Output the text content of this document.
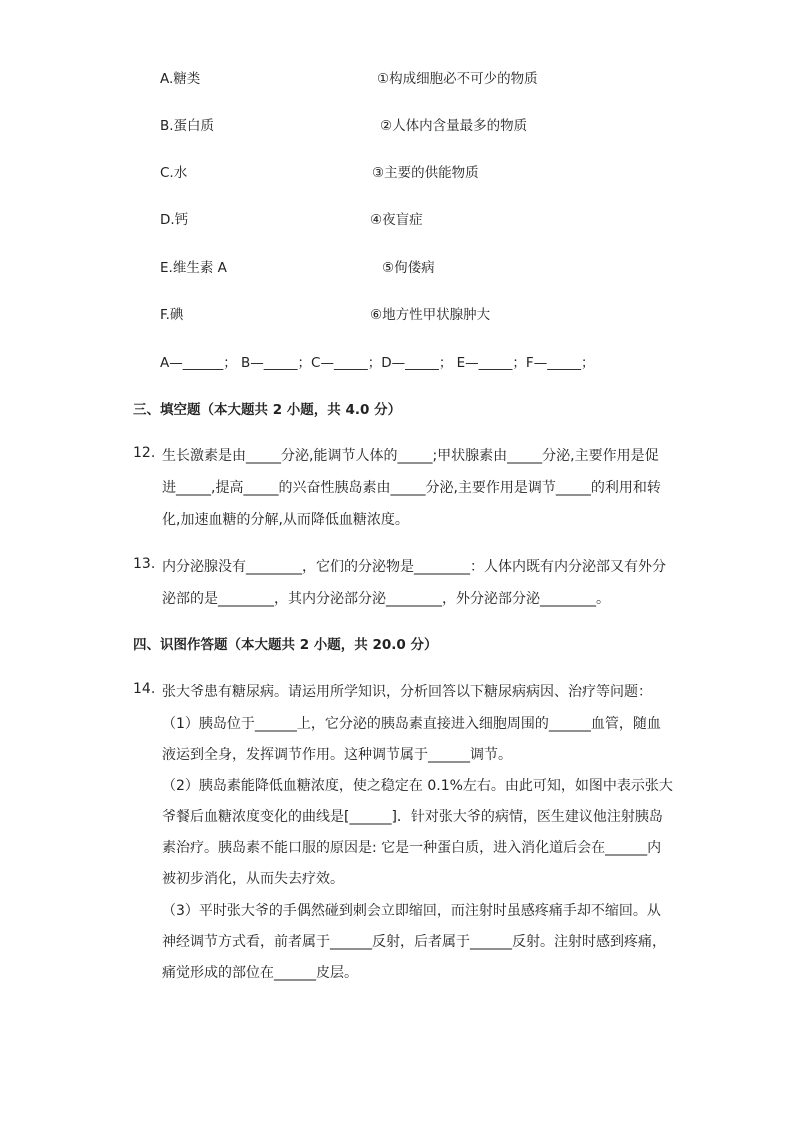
A.糖类	①构成细胞必不可少的物质
B.蛋白质	②人体内含量最多的物质
C.水	③主要的供能物质
D.钙	④夜盲症
E.维生素 A	⑤佝偻病
F.碘	⑥地方性甲状腺肿大
A—______； B—_____；C—_____；D—_____； E—_____；F—_____；
三、填空题（本大题共 2 小题，共 4.0 分）
12. 生长激素是由_____分泌,能调节人体的_____;甲状腺素由_____分泌,主要作用是促
进_____,提高_____的兴奋性胰岛素由_____分泌,主要作用是调节_____的利用和转
化,加速血糖的分解,从而降低血糖浓度。
13. 内分泌腺没有________，它们的分泌物是________：人体内既有内分泌部又有外分
泌部的是________，其内分泌部分泌________，外分泌部分泌________。
四、识图作答题（本大题共 2 小题，共 20.0 分）
14. 张大爷患有糖尿病。请运用所学知识，分析回答以下糖尿病病因、治疗等问题：
（1）胰岛位于______上，它分泌的胰岛素直接进入细胞周围的______血管，随血
液运到全身，发挥调节作用。这种调节属于______调节。
（2）胰岛素能降低血糖浓度，使之稳定在 0.1%左右。由此可知，如图中表示张大
爷餐后血糖浓度变化的曲线是[______]．针对张大爷的病情，医生建议他注射胰岛
素治疗。胰岛素不能口服的原因是: 它是一种蛋白质，进入消化道后会在______内
被初步消化，从而失去疗效。
（3）平时张大爷的手偶然碰到刺会立即缩回，而注射时虽感疼痛手却不缩回。从
神经调节方式看，前者属于______反射，后者属于______反射。注射时感到疼痛，
痛觉形成的部位在______皮层。
